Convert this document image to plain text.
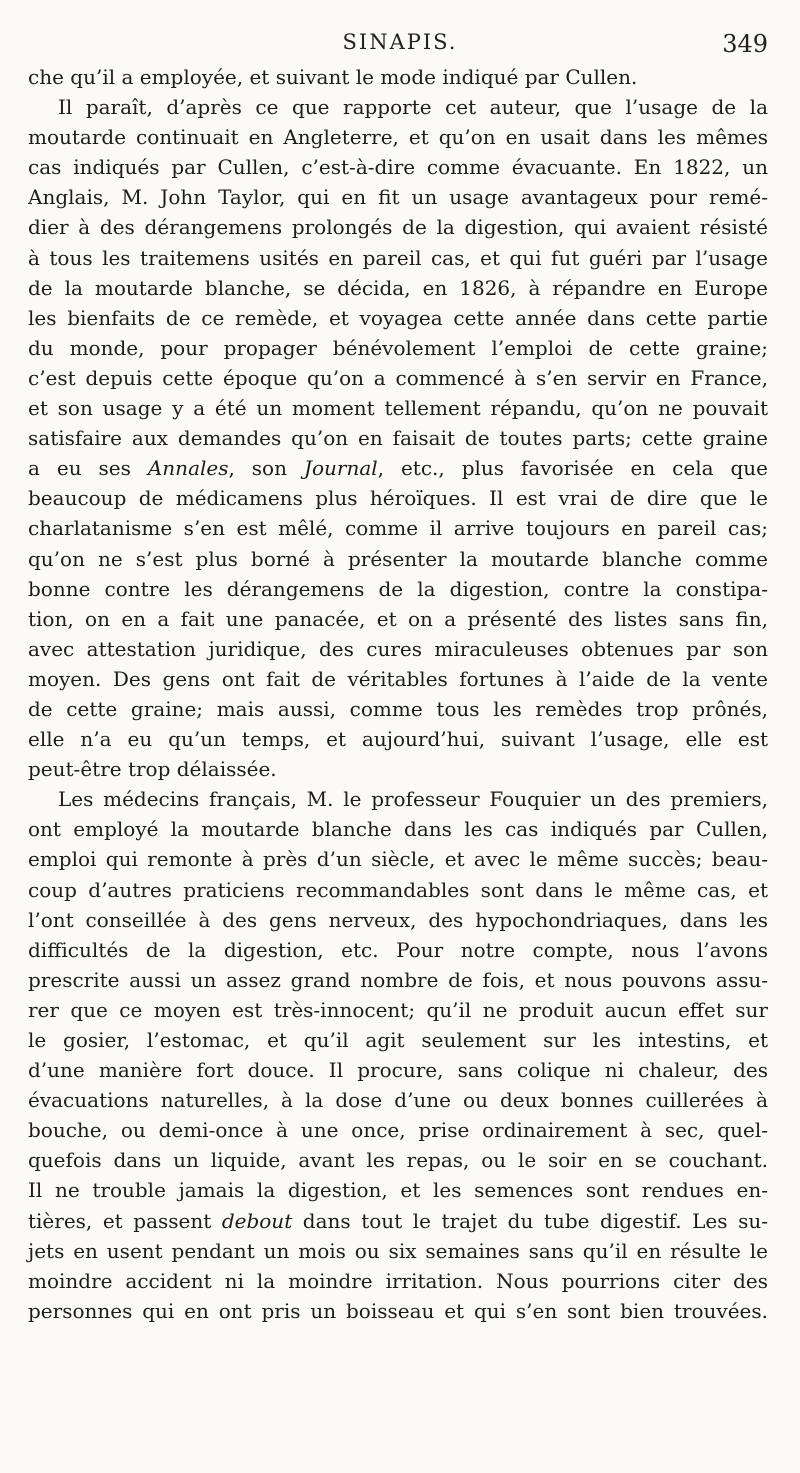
SINAPIS.	349
che qu’il a employée, et suivant le mode indiqué par Cullen.
Il paraît, d’après ce que rapporte cet auteur, que l’usage de la
moutarde continuait en Angleterre, et qu’on en usait dans les mêmes
cas indiqués par Cullen, c’est-à-dire comme évacuante. En 1822, un
Anglais, M. John Taylor, qui en fit un usage avantageux pour remé-
dier à des dérangemens prolongés de la digestion, qui avaient résisté
à tous les traitemens usités en pareil cas, et qui fut guéri par l’usage
de la moutarde blanche, se décida, en 1826, à répandre en Europe
les bienfaits de ce remède, et voyagea cette année dans cette partie
du monde, pour propager bénévolement l’emploi de cette graine;
c’est depuis cette époque qu’on a commencé à s’en servir en France,
et son usage y a été un moment tellement répandu, qu’on ne pouvait
satisfaire aux demandes qu’on en faisait de toutes parts; cette graine
a eu ses Annales, son Journal, etc., plus favorisée en cela que
beaucoup de médicamens plus héroïques. Il est vrai de dire que le
charlatanisme s’en est mêlé, comme il arrive toujours en pareil cas;
qu’on ne s’est plus borné à présenter la moutarde blanche comme
bonne contre les dérangemens de la digestion, contre la constipa-
tion, on en a fait une panacée, et on a présenté des listes sans fin,
avec attestation juridique, des cures miraculeuses obtenues par son
moyen. Des gens ont fait de véritables fortunes à l’aide de la vente
de cette graine; mais aussi, comme tous les remèdes trop prônés,
elle n’a eu qu’un temps, et aujourd’hui, suivant l’usage, elle est
peut-être trop délaissée.
Les médecins français, M. le professeur Fouquier un des premiers,
ont employé la moutarde blanche dans les cas indiqués par Cullen,
emploi qui remonte à près d’un siècle, et avec le même succès; beau-
coup d’autres praticiens recommandables sont dans le même cas, et
l’ont conseillée à des gens nerveux, des hypochondriaques, dans les
difficultés de la digestion, etc. Pour notre compte, nous l’avons
prescrite aussi un assez grand nombre de fois, et nous pouvons assu-
rer que ce moyen est très-innocent; qu’il ne produit aucun effet sur
le gosier, l’estomac, et qu’il agit seulement sur les intestins, et
d’une manière fort douce. Il procure, sans colique ni chaleur, des
évacuations naturelles, à la dose d’une ou deux bonnes cuillerées à
bouche, ou demi-once à une once, prise ordinairement à sec, quel-
quefois dans un liquide, avant les repas, ou le soir en se couchant.
Il ne trouble jamais la digestion, et les semences sont rendues en-
tières, et passent debout dans tout le trajet du tube digestif. Les su-
jets en usent pendant un mois ou six semaines sans qu’il en résulte le
moindre accident ni la moindre irritation. Nous pourrions citer des
personnes qui en ont pris un boisseau et qui s’en sont bien trouvées.
